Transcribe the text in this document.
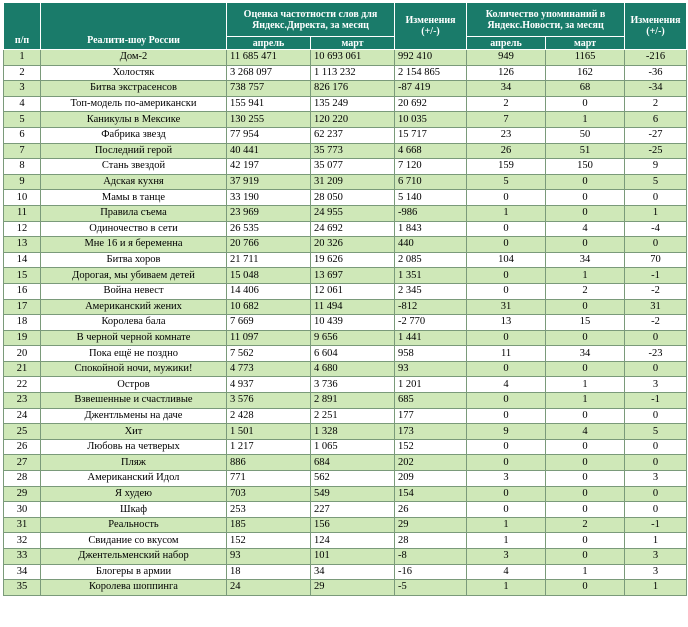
п/п	Реалити-шоу России	Оценка частотности слов для Яндекс.Директа, за месяц		Изменения (+/-)	Количество упоминаний в Яндекс.Новости, за месяц		Изменения (+/-)
		апрель	март		апрель	март	
1	Дом-2	11 685 471	10 693 061	992 410	949	1165	-216
2	Холостяк	3 268 097	1 113 232	2 154 865	126	162	-36
3	Битва экстрасенсов	738 757	826 176	-87 419	34	68	-34
4	Топ-модель по-американски	155 941	135 249	20 692	2	0	2
5	Каникулы в Мексике	130 255	120 220	10 035	7	1	6
6	Фабрика звезд	77 954	62 237	15 717	23	50	-27
7	Последний герой	40 441	35 773	4 668	26	51	-25
8	Стань звездой	42 197	35 077	7 120	159	150	9
9	Адская кухня	37 919	31 209	6 710	5	0	5
10	Мамы в танце	33 190	28 050	5 140	0	0	0
11	Правила съема	23 969	24 955	-986	1	0	1
12	Одиночество в сети	26 535	24 692	1 843	0	4	-4
13	Мне 16 и я беременна	20 766	20 326	440	0	0	0
14	Битва хоров	21 711	19 626	2 085	104	34	70
15	Дорогая, мы убиваем детей	15 048	13 697	1 351	0	1	-1
16	Война невест	14 406	12 061	2 345	0	2	-2
17	Американский жених	10 682	11 494	-812	31	0	31
18	Королева бала	7 669	10 439	-2 770	13	15	-2
19	В черной черной комнате	11 097	9 656	1 441	0	0	0
20	Пока ещё не поздно	7 562	6 604	958	11	34	-23
21	Спокойной ночи, мужики!	4 773	4 680	93	0	0	0
22	Остров	4 937	3 736	1 201	4	1	3
23	Взвешенные и счастливые	3 576	2 891	685	0	1	-1
24	Джентльмены на даче	2 428	2 251	177	0	0	0
25	Хит	1 501	1 328	173	9	4	5
26	Любовь на четверых	1 217	1 065	152	0	0	0
27	Пляж	886	684	202	0	0	0
28	Американский Идол	771	562	209	3	0	3
29	Я худею	703	549	154	0	0	0
30	Шкаф	253	227	26	0	0	0
31	Реальность	185	156	29	1	2	-1
32	Свидание со вкусом	152	124	28	1	0	1
33	Джентельменский набор	93	101	-8	3	0	3
34	Блогеры в армии	18	34	-16	4	1	3
35	Королева шоппинга	24	29	-5	1	0	1
